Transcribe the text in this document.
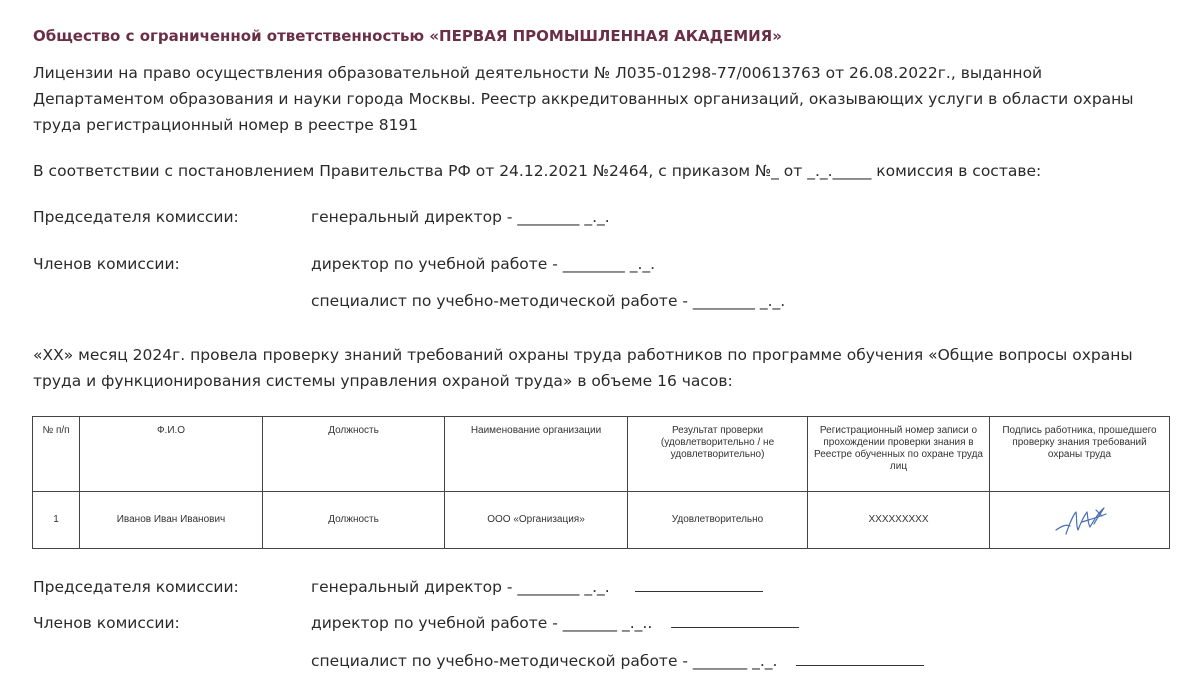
Общество с ограниченной ответственностью «ПЕРВАЯ ПРОМЫШЛЕННАЯ АКАДЕМИЯ»
Лицензии на право осуществления образовательной деятельности № Л035-01298-77/00613763 от 26.08.2022г., выданной Департаментом образования и науки города Москвы. Реестр аккредитованных организаций, оказывающих услуги в области охраны труда регистрационный номер в реестре 8191
В соответствии с постановлением Правительства РФ от 24.12.2021 №2464, с приказом №_ от _._._____ комиссия в составе:
Председателя комиссии:	генеральный директор - ________ _._.
Членов комиссии:	директор по учебной работе - ________ _._.
специалист по учебно-методической работе - ________ _._.
«ХХ» месяц 2024г. провела проверку знаний требований охраны труда работников по программе обучения «Общие вопросы охраны труда и функционирования системы управления охраной труда» в объеме 16 часов:
№ п/п	Ф.И.О	Должность	Наименование организации	Результат проверки (удовлетворительно / не удовлетворительно)	Регистрационный номер записи о прохождении проверки знания в Реестре обученных по охране труда лиц	Подпись работника, прошедшего проверку знания требований охраны труда
1	Иванов Иван Иванович	Должность	ООО «Организация»	Удовлетворительно	XXXXXXXXX	
Председателя комиссии:	генеральный директор - ________ _._.
Членов комиссии:	директор по учебной работе - _______ _._..
специалист по учебно-методической работе - _______ _._.
